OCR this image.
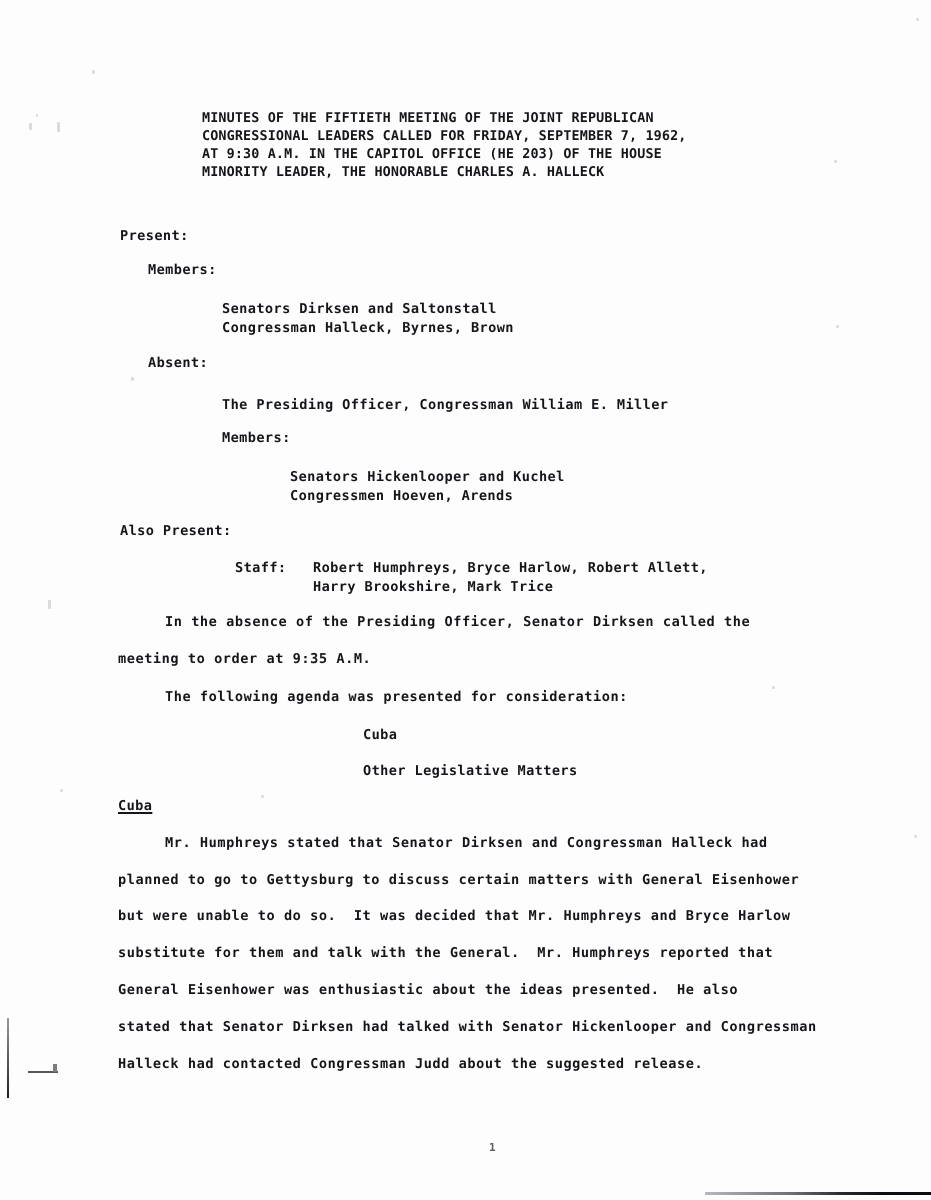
MINUTES OF THE FIFTIETH MEETING OF THE JOINT REPUBLICAN
CONGRESSIONAL LEADERS CALLED FOR FRIDAY, SEPTEMBER 7, 1962,
AT 9:30 A.M. IN THE CAPITOL OFFICE (HE 203) OF THE HOUSE
MINORITY LEADER, THE HONORABLE CHARLES A. HALLECK
Present:
Members:
Senators Dirksen and Saltonstall
Congressman Halleck, Byrnes, Brown
Absent:
The Presiding Officer, Congressman William E. Miller
Members:
Senators Hickenlooper and Kuchel
Congressmen Hoeven, Arends
Also Present:
Staff: Robert Humphreys, Bryce Harlow, Robert Allett,
Harry Brookshire, Mark Trice
In the absence of the Presiding Officer, Senator Dirksen called the
meeting to order at 9:35 A.M.
The following agenda was presented for consideration:
Cuba
Other Legislative Matters
Cuba
Mr. Humphreys stated that Senator Dirksen and Congressman Halleck had
planned to go to Gettysburg to discuss certain matters with General Eisenhower
but were unable to do so.  It was decided that Mr. Humphreys and Bryce Harlow
substitute for them and talk with the General.  Mr. Humphreys reported that
General Eisenhower was enthusiastic about the ideas presented.  He also
stated that Senator Dirksen had talked with Senator Hickenlooper and Congressman
Halleck had contacted Congressman Judd about the suggested release.
1
